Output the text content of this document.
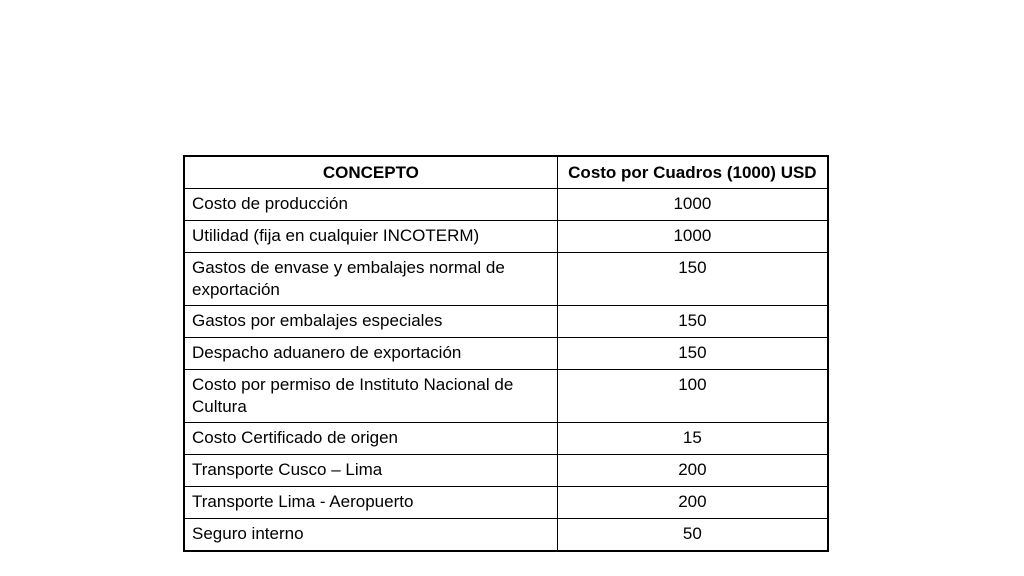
CONCEPTO	Costo por Cuadros (1000) USD
Costo de producción	1000
Utilidad (fija en cualquier INCOTERM)	1000
Gastos de envase y embalajes normal de exportación	150
Gastos por embalajes especiales	150
Despacho aduanero de exportación	150
Costo por permiso de Instituto Nacional de Cultura	100
Costo Certificado de origen	15
Transporte Cusco – Lima	200
Transporte Lima - Aeropuerto	200
Seguro interno	50
